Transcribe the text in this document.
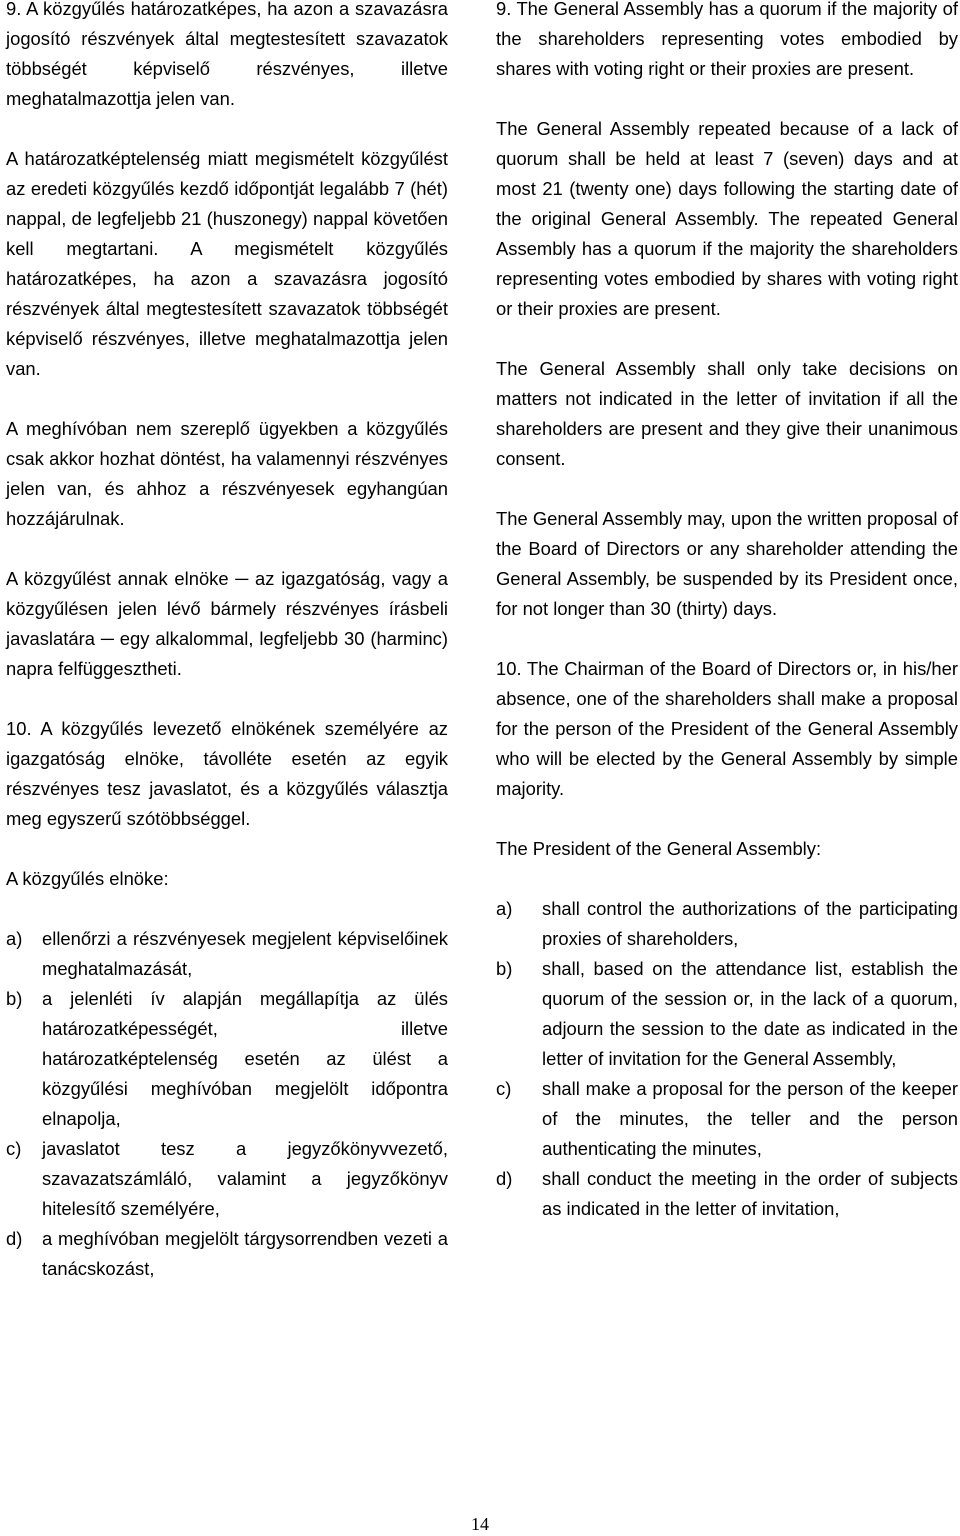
9. A közgyűlés határozatképes, ha azon a szavazásra jogosító részvények által megtestesített szavazatok többségét képviselő részvényes, illetve meghatalmazottja jelen van.

A határozatképtelenség miatt megismételt közgyűlést az eredeti közgyűlés kezdő időpontját legalább 7 (hét) nappal, de legfeljebb 21 (huszonegy) nappal követően kell megtartani. A megismételt közgyűlés határozatképes, ha azon a szavazásra jogosító részvények által megtestesített szavazatok többségét képviselő részvényes, illetve meghatalmazottja jelen van.

A meghívóban nem szereplő ügyekben a közgyűlés csak akkor hozhat döntést, ha valamennyi részvényes jelen van, és ahhoz a részvényesek egyhangúan hozzájárulnak.

A közgyűlést annak elnöke ─ az igazgatóság, vagy a közgyűlésen jelen lévő bármely részvényes írásbeli javaslatára ─ egy alkalommal, legfeljebb 30 (harminc) napra felfüggesztheti.

10. A közgyűlés levezető elnökének személyére az igazgatóság elnöke, távolléte esetén az egyik részvényes tesz javaslatot, és a közgyűlés választja meg egyszerű szótöbbséggel.

A közgyűlés elnöke:

a)	ellenőrzi a részvényesek megjelent képviselőinek meghatalmazását,
b)	a jelenléti ív alapján megállapítja az ülés határozatképességét, illetve határozatképtelenség esetén az ülést a közgyűlési meghívóban megjelölt időpontra elnapolja,
c)	javaslatot tesz a jegyzőkönyvvezető, szavazatszámláló, valamint a jegyzőkönyv hitelesítő személyére,
d)	a meghívóban megjelölt tárgysorrendben vezeti a tanácskozást,

9. The General Assembly has a quorum if the majority of the shareholders representing votes embodied by shares with voting right or their proxies are present.

The General Assembly repeated because of a lack of quorum shall be held at least 7 (seven) days and at most 21 (twenty one) days following the starting date of the original General Assembly. The repeated General Assembly has a quorum if the majority the shareholders representing votes embodied by shares with voting right or their proxies are present.

The General Assembly shall only take decisions on matters not indicated in the letter of invitation if all the shareholders are present and they give their unanimous consent.

The General Assembly may, upon the written proposal of the Board of Directors or any shareholder attending the General Assembly, be suspended by its President once, for not longer than 30 (thirty) days.

10. The Chairman of the Board of Directors or, in his/her absence, one of the shareholders shall make a proposal for the person of the President of the General Assembly who will be elected by the General Assembly by simple majority.

The President of the General Assembly:

a)	shall control the authorizations of the participating proxies of shareholders,
b)	shall, based on the attendance list, establish the quorum of the session or, in the lack of a quorum, adjourn the session to the date as indicated in the letter of invitation for the General Assembly,
c)	shall make a proposal for the person of the keeper of the minutes, the teller and the person authenticating the minutes,
d)	shall conduct the meeting in the order of subjects as indicated in the letter of invitation,
14
